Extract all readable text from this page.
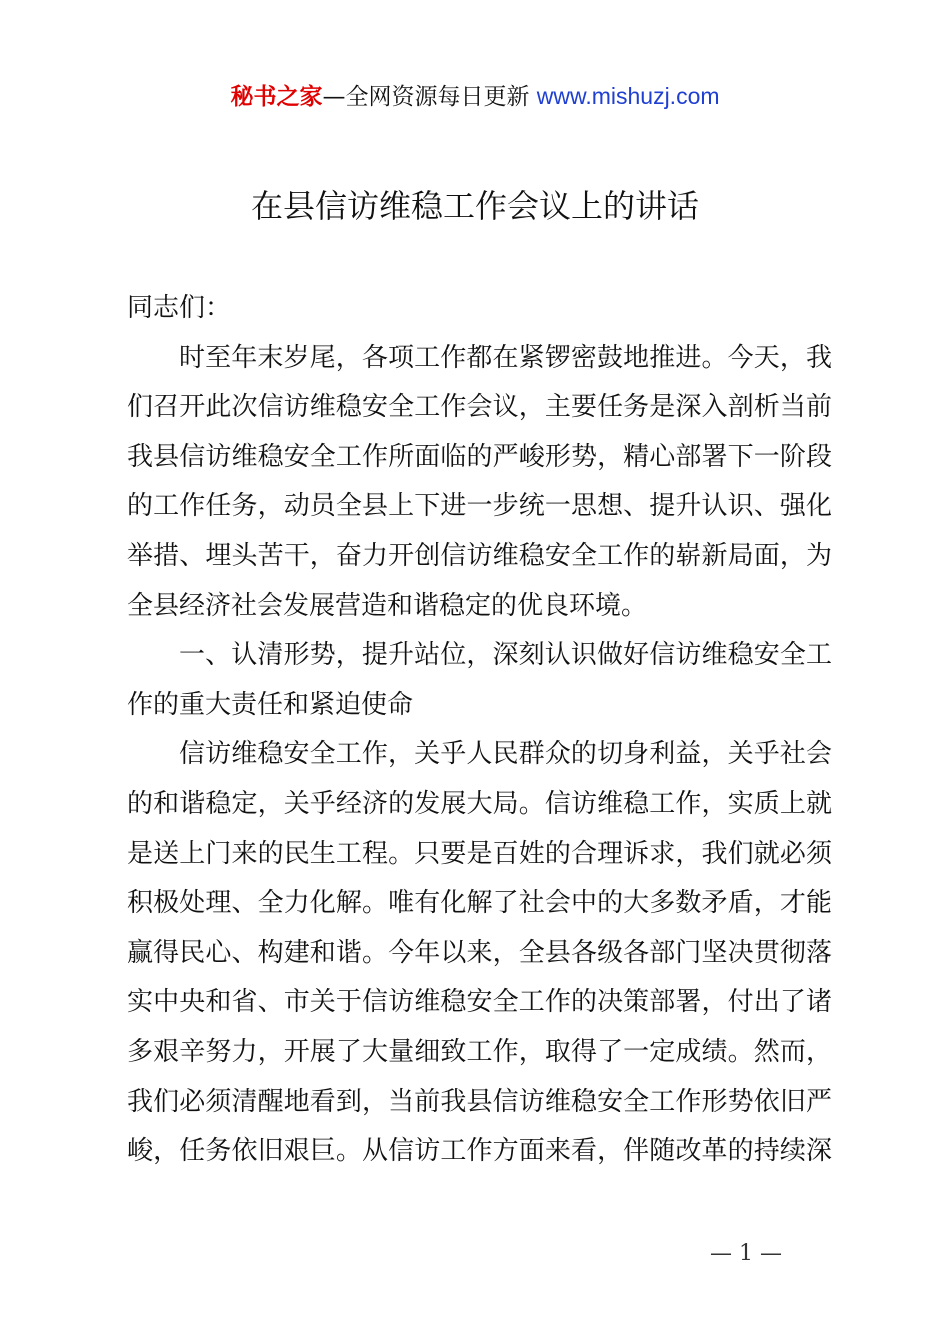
秘书之家—全网资源每日更新 www.mishuzj.com
在县信访维稳工作会议上的讲话
同志们：
时至年末岁尾，各项工作都在紧锣密鼓地推进。今天，我
们召开此次信访维稳安全工作会议，主要任务是深入剖析当前
我县信访维稳安全工作所面临的严峻形势，精心部署下一阶段
的工作任务，动员全县上下进一步统一思想、提升认识、强化
举措、埋头苦干，奋力开创信访维稳安全工作的崭新局面，为
全县经济社会发展营造和谐稳定的优良环境。
一、认清形势，提升站位，深刻认识做好信访维稳安全工
作的重大责任和紧迫使命
信访维稳安全工作，关乎人民群众的切身利益，关乎社会
的和谐稳定，关乎经济的发展大局。信访维稳工作，实质上就
是送上门来的民生工程。只要是百姓的合理诉求，我们就必须
积极处理、全力化解。唯有化解了社会中的大多数矛盾，才能
赢得民心、构建和谐。今年以来，全县各级各部门坚决贯彻落
实中央和省、市关于信访维稳安全工作的决策部署，付出了诸
多艰辛努力，开展了大量细致工作，取得了一定成绩。然而，
我们必须清醒地看到，当前我县信访维稳安全工作形势依旧严
峻，任务依旧艰巨。从信访工作方面来看，伴随改革的持续深
— 1 —
